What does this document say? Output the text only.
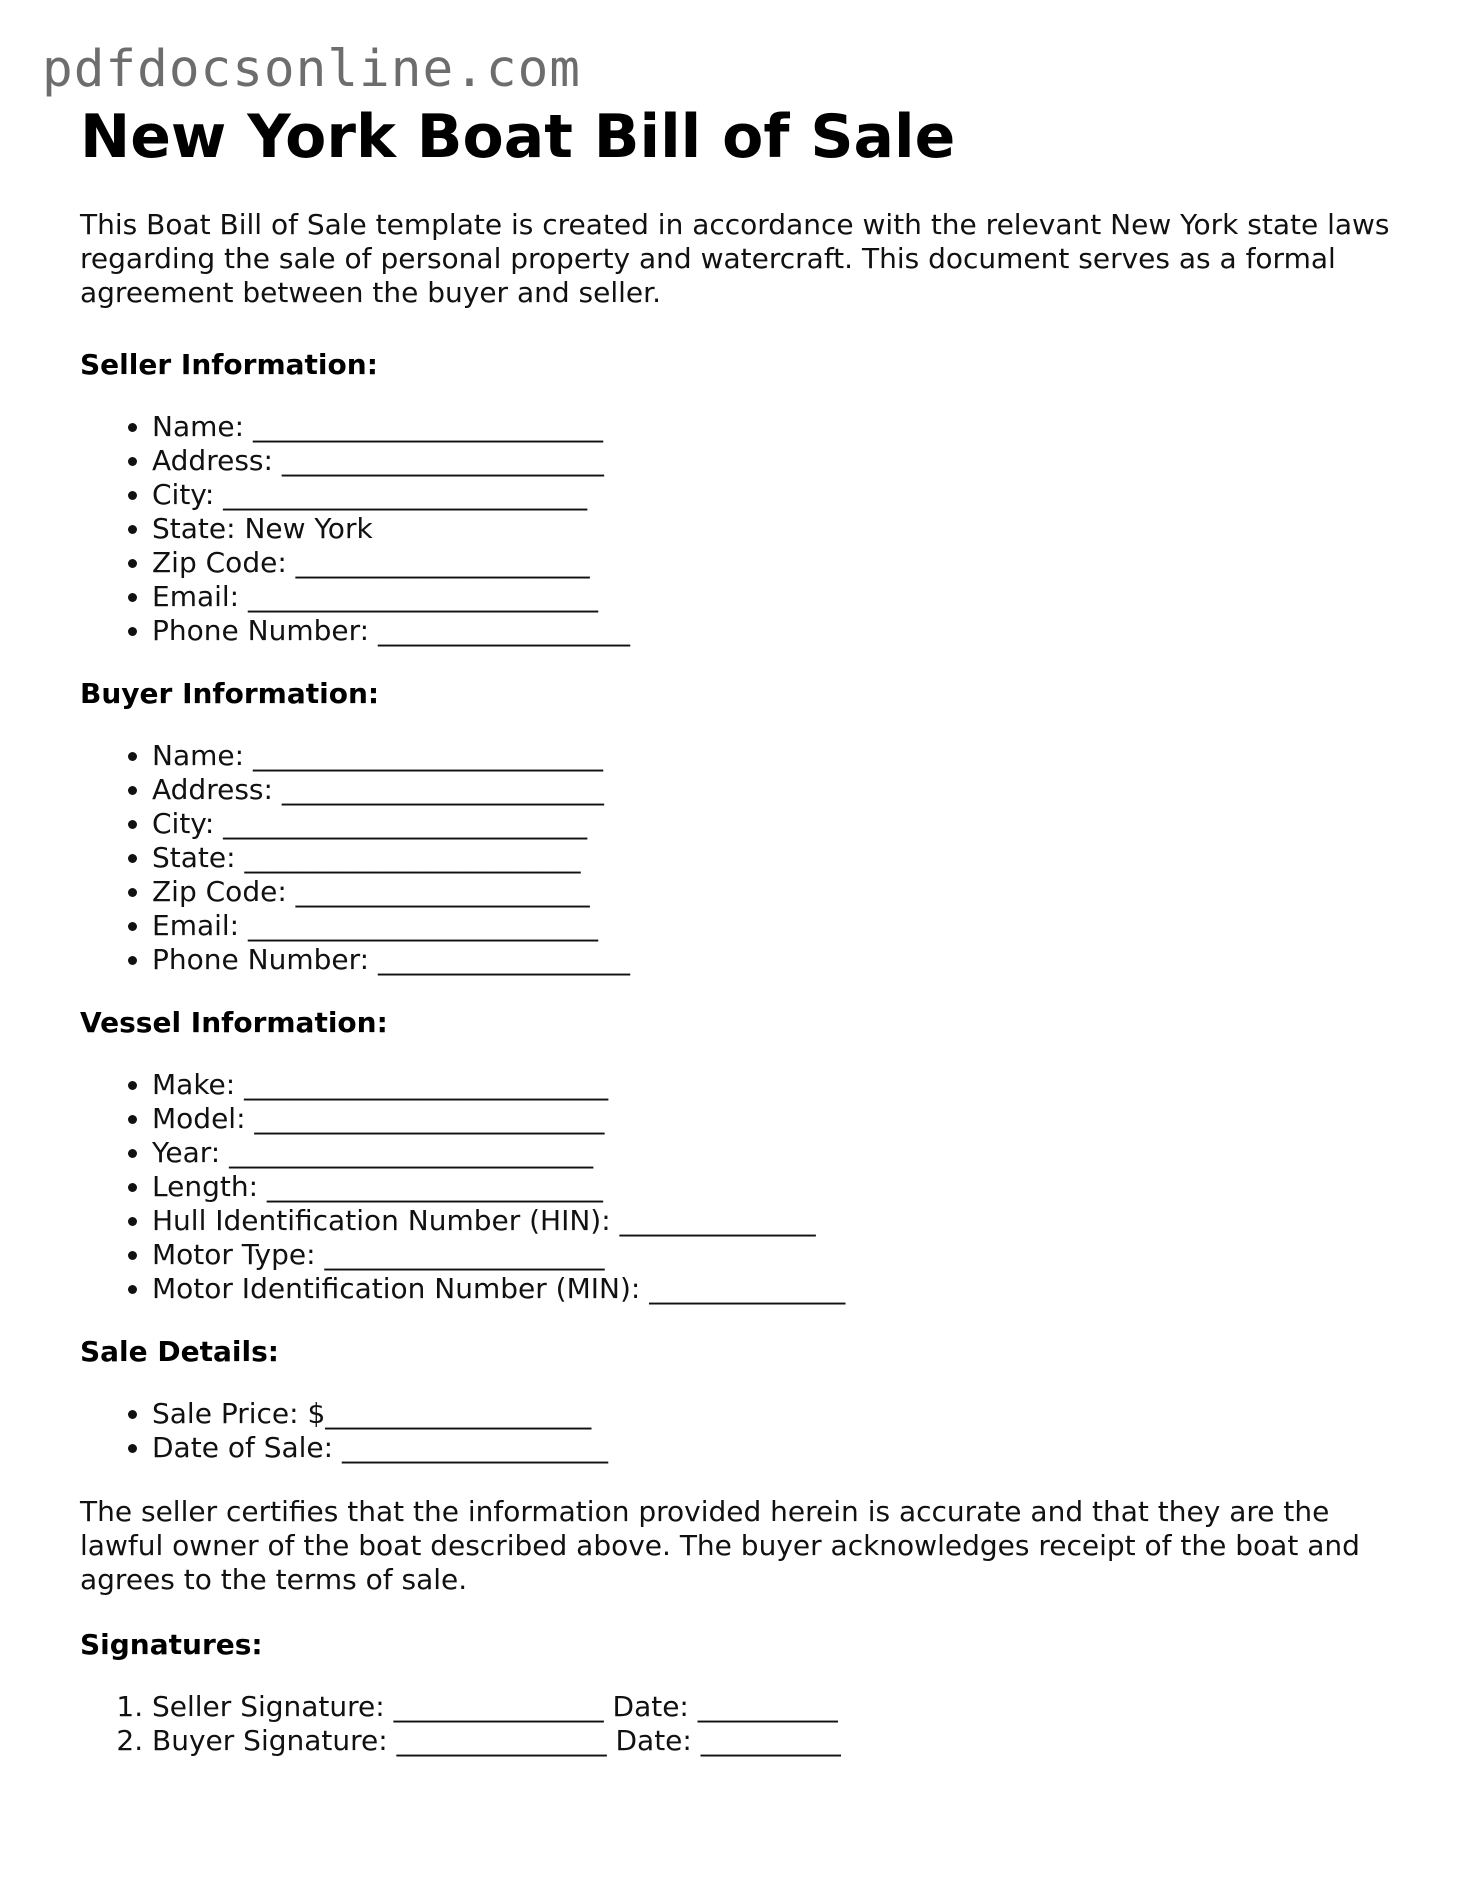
pdfdocsonline.com
New York Boat Bill of Sale

This Boat Bill of Sale template is created in accordance with the relevant New York state laws regarding the sale of personal property and watercraft. This document serves as a formal agreement between the buyer and seller.

Seller Information:
• Name: _________________________
• Address: _______________________
• City: __________________________
• State: New York
• Zip Code: _____________________
• Email: _________________________
• Phone Number: __________________
Buyer Information:
• Name: _________________________
• Address: _______________________
• City: __________________________
• State: ________________________
• Zip Code: _____________________
• Email: _________________________
• Phone Number: __________________
Vessel Information:
• Make: __________________________
• Model: _________________________
• Year: __________________________
• Length: ________________________
• Hull Identification Number (HIN): ______________
• Motor Type: ____________________
• Motor Identification Number (MIN): ______________
Sale Details:
• Sale Price: $___________________
• Date of Sale: ___________________

The seller certifies that the information provided herein is accurate and that they are the lawful owner of the boat described above. The buyer acknowledges receipt of the boat and agrees to the terms of sale.

Signatures:
1. Seller Signature: _______________ Date: __________
2. Buyer Signature: _______________ Date: __________
